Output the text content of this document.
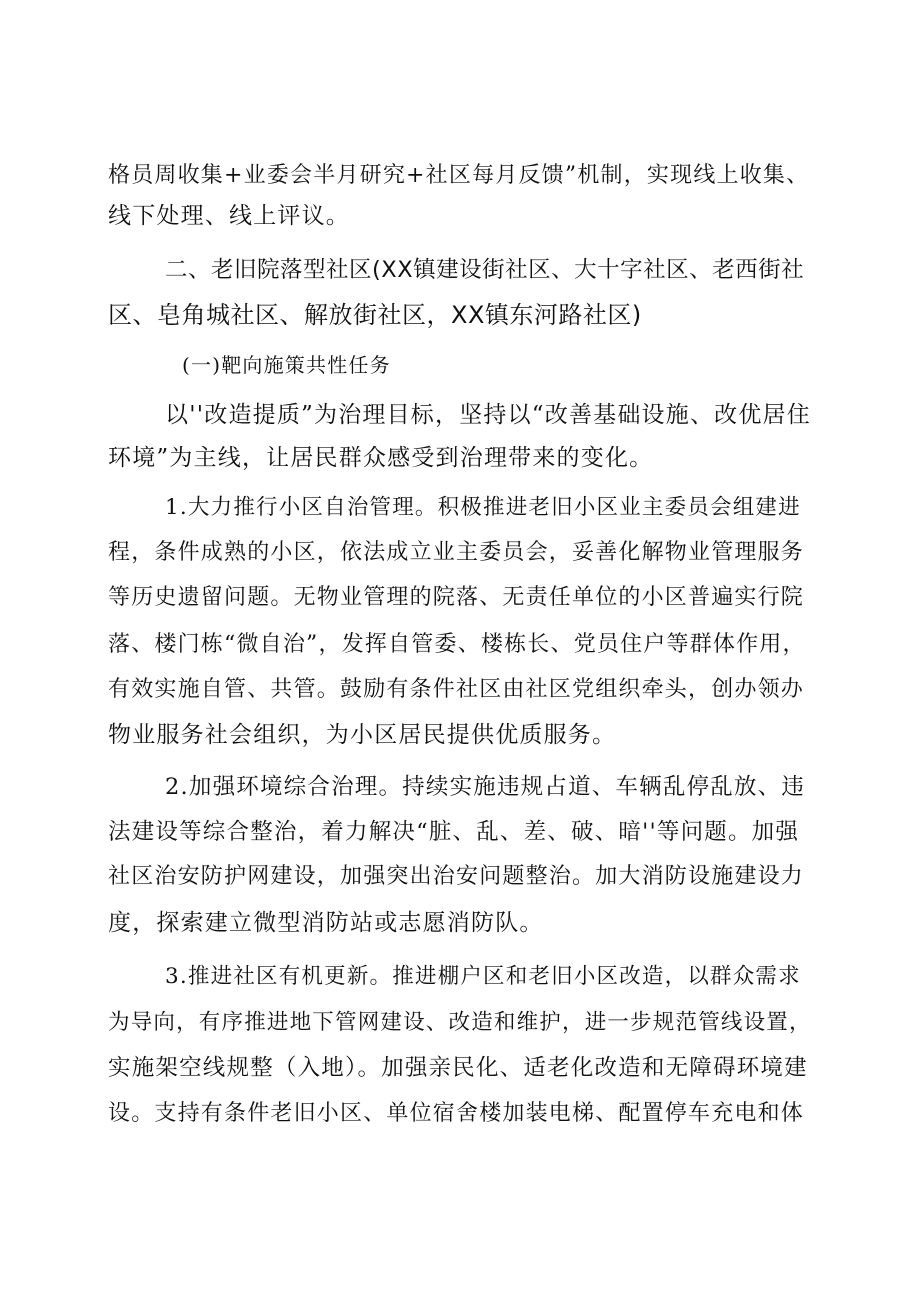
格员周收集+业委会半月研究+社区每月反馈”机制，实现线上收集、
线下处理、线上评议。
二、老旧院落型社区(XX镇建设街社区、大十字社区、老西街社
区、皂角城社区、解放街社区，XX镇东河路社区)
(一)靶向施策共性任务
以''改造提质”为治理目标，坚持以“改善基础设施、改优居住
环境”为主线，让居民群众感受到治理带来的变化。
1.大力推行小区自治管理。积极推进老旧小区业主委员会组建进
程，条件成熟的小区，依法成立业主委员会，妥善化解物业管理服务
等历史遗留问题。无物业管理的院落、无责任单位的小区普遍实行院
落、楼门栋“微自治”，发挥自管委、楼栋长、党员住户等群体作用，
有效实施自管、共管。鼓励有条件社区由社区党组织牵头，创办领办
物业服务社会组织，为小区居民提供优质服务。
2.加强环境综合治理。持续实施违规占道、车辆乱停乱放、违
法建设等综合整治，着力解决“脏、乱、差、破、暗''等问题。加强
社区治安防护网建设，加强突出治安问题整治。加大消防设施建设力
度，探索建立微型消防站或志愿消防队。
3.推进社区有机更新。推进棚户区和老旧小区改造，以群众需求
为导向，有序推进地下管网建设、改造和维护，进一步规范管线设置，
实施架空线规整（入地）。加强亲民化、适老化改造和无障碍环境建
设。支持有条件老旧小区、单位宿舍楼加装电梯、配置停车充电和体
